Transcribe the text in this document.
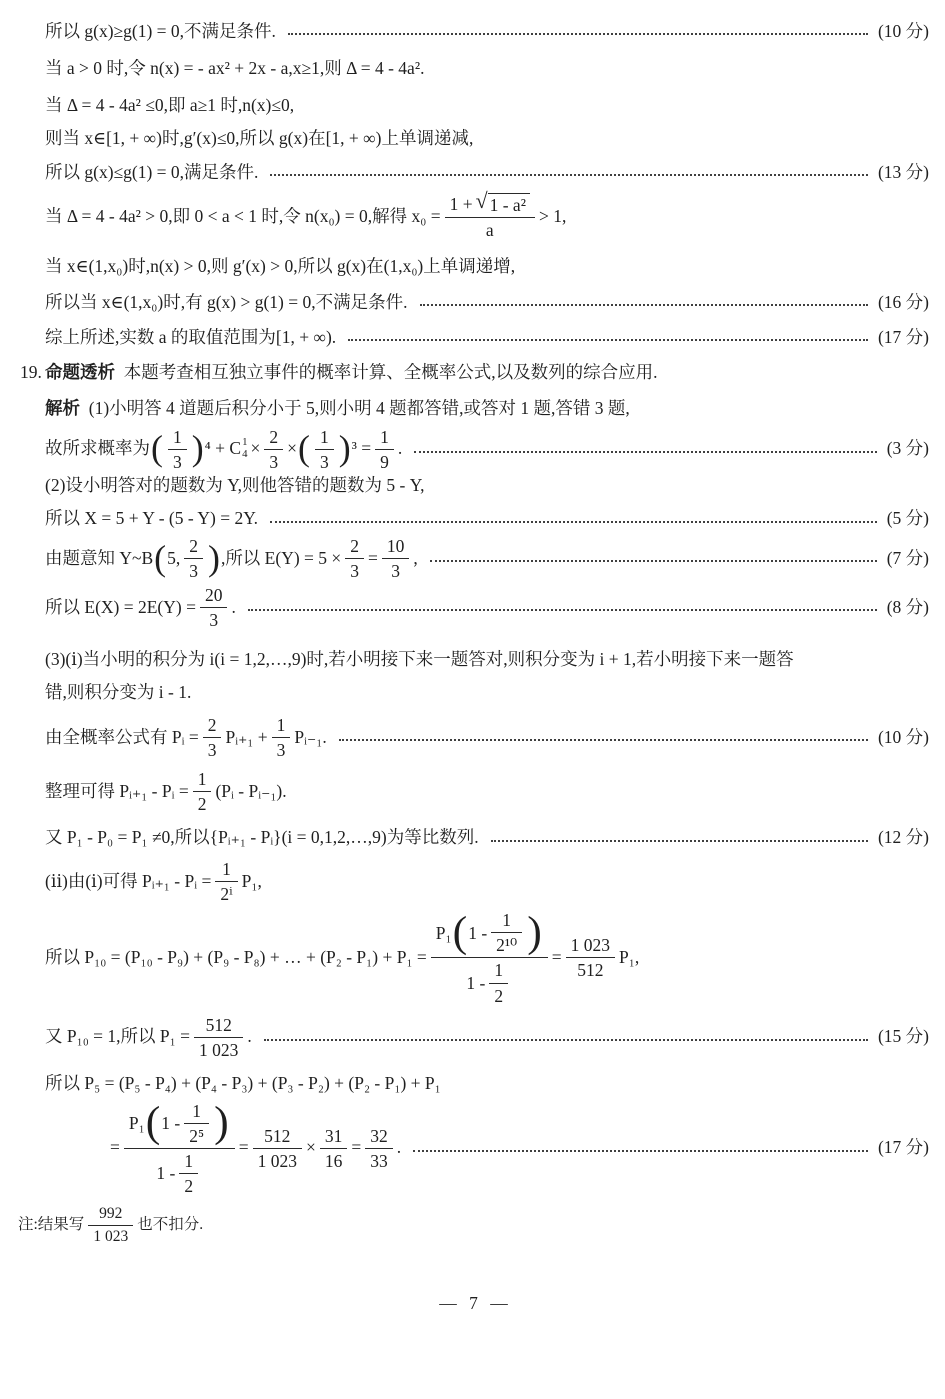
所以 g(x)≥g(1) = 0,不满足条件.	(10 分)
当 a > 0 时,令 n(x) = - ax² + 2x - a,x≥1,则 Δ = 4 - 4a².
当 Δ = 4 - 4a² ≤0,即 a≥1 时,n(x)≤0,
则当 x∈[1, + ∞)时,g′(x)≤0,所以 g(x)在[1, + ∞)上单调递减,
所以 g(x)≤g(1) = 0,满足条件.	(13 分)
当 Δ = 4 - 4a² > 0,即 0 < a < 1 时,令 n(x₀) = 0,解得 $x_0 = \frac{\text{1 + √ 1 - a²}}{a} > 1$,
当 x∈(1,x₀)时,n(x) > 0,则 g′(x) > 0,所以 g(x)在(1,x₀)上单调递增,
所以当 x∈(1,x₀)时,有 g(x) > g(1) = 0,不满足条件.	(16 分)
综上所述,实数 a 的取值范围为[1, + ∞).	(17 分)
19. 命题透析 本题考查相互独立事件的概率计算、全概率公式,以及数列的综合应用.
解析 (1)小明答 4 道题后积分小于 5,则小明 4 题都答错,或答对 1 题,答错 3 题,
故所求概率为 ( $\frac{1}{3}$ ) ⁴ + C 1
$4 \times \frac{2}{3}$ × ( $\frac{1}{3}$ ) $^3 = \frac{1}{9}$ .	(3 分)
(2)设小明答对的题数为 Y,则他答错的题数为 5 - Y,
所以 X = 5 + Y - (5 - Y) = 2Y.	(5 分)
由题意知 Y~B ( 5, $\frac{2}{3}$ ) ,所以 $E(Y) = 5 \times \frac{2}{3} = \frac{10}{3}$ ,	(7 分)
所以 $E(X) = 2E(Y) = \frac{20}{3}$ .	(8 分)
(3)(ⅰ)当小明的积分为 i(i = 1,2,…,9)时,若小明接下来一题答对,则积分变为 i + 1,若小明接下来一题答
错,则积分变为 i - 1.
由全概率公式有 Pᵢ = $\frac{2}{3}$ Pᵢ₊₁ + $\frac{1}{3}$ Pᵢ₋₁.	(10 分)
整理可得 Pᵢ₊₁ - Pᵢ = $\frac{1}{2}$ (Pᵢ - Pᵢ₋₁).
又 P₁ - P₀ = P₁ ≠0,所以{Pᵢ₊₁ - Pᵢ}(i = 0,1,2,…,9)为等比数列.	(12 分)
(ⅱ)由(ⅰ)可得 Pᵢ₊₁ - Pᵢ = $\frac{1}{\text{2ⁱ}} P_1$,
所以 P₁₀ = (P₁₀ - P₉) + (P₉ - P₈) + … + $(P_2 - P_1) + P_1 = \frac{P_1 ( 1 - \frac{1}{\text{2¹⁰}} )}{1 - \frac{1}{2}} = \frac{1 023}{512} P_1$,
又 P₁₀ = 1,所以 $P_1 = \frac{512}{1 023}$ .	(15 分)
所以 P₅ = (P₅ - P₄) + (P₄ - P₃) + (P₃ - P₂) + (P₂ - P₁) + P₁
= $\frac{P_1 ( 1 - \frac{1}{\text{2⁵}} )}{1 - \frac{1}{2}} = \frac{512}{1 023} \times \frac{31}{16} = \frac{32}{33}$ .	(17 分)
注:结果写 $\frac{992}{1 023}$ 也不扣分.
— 7 —
